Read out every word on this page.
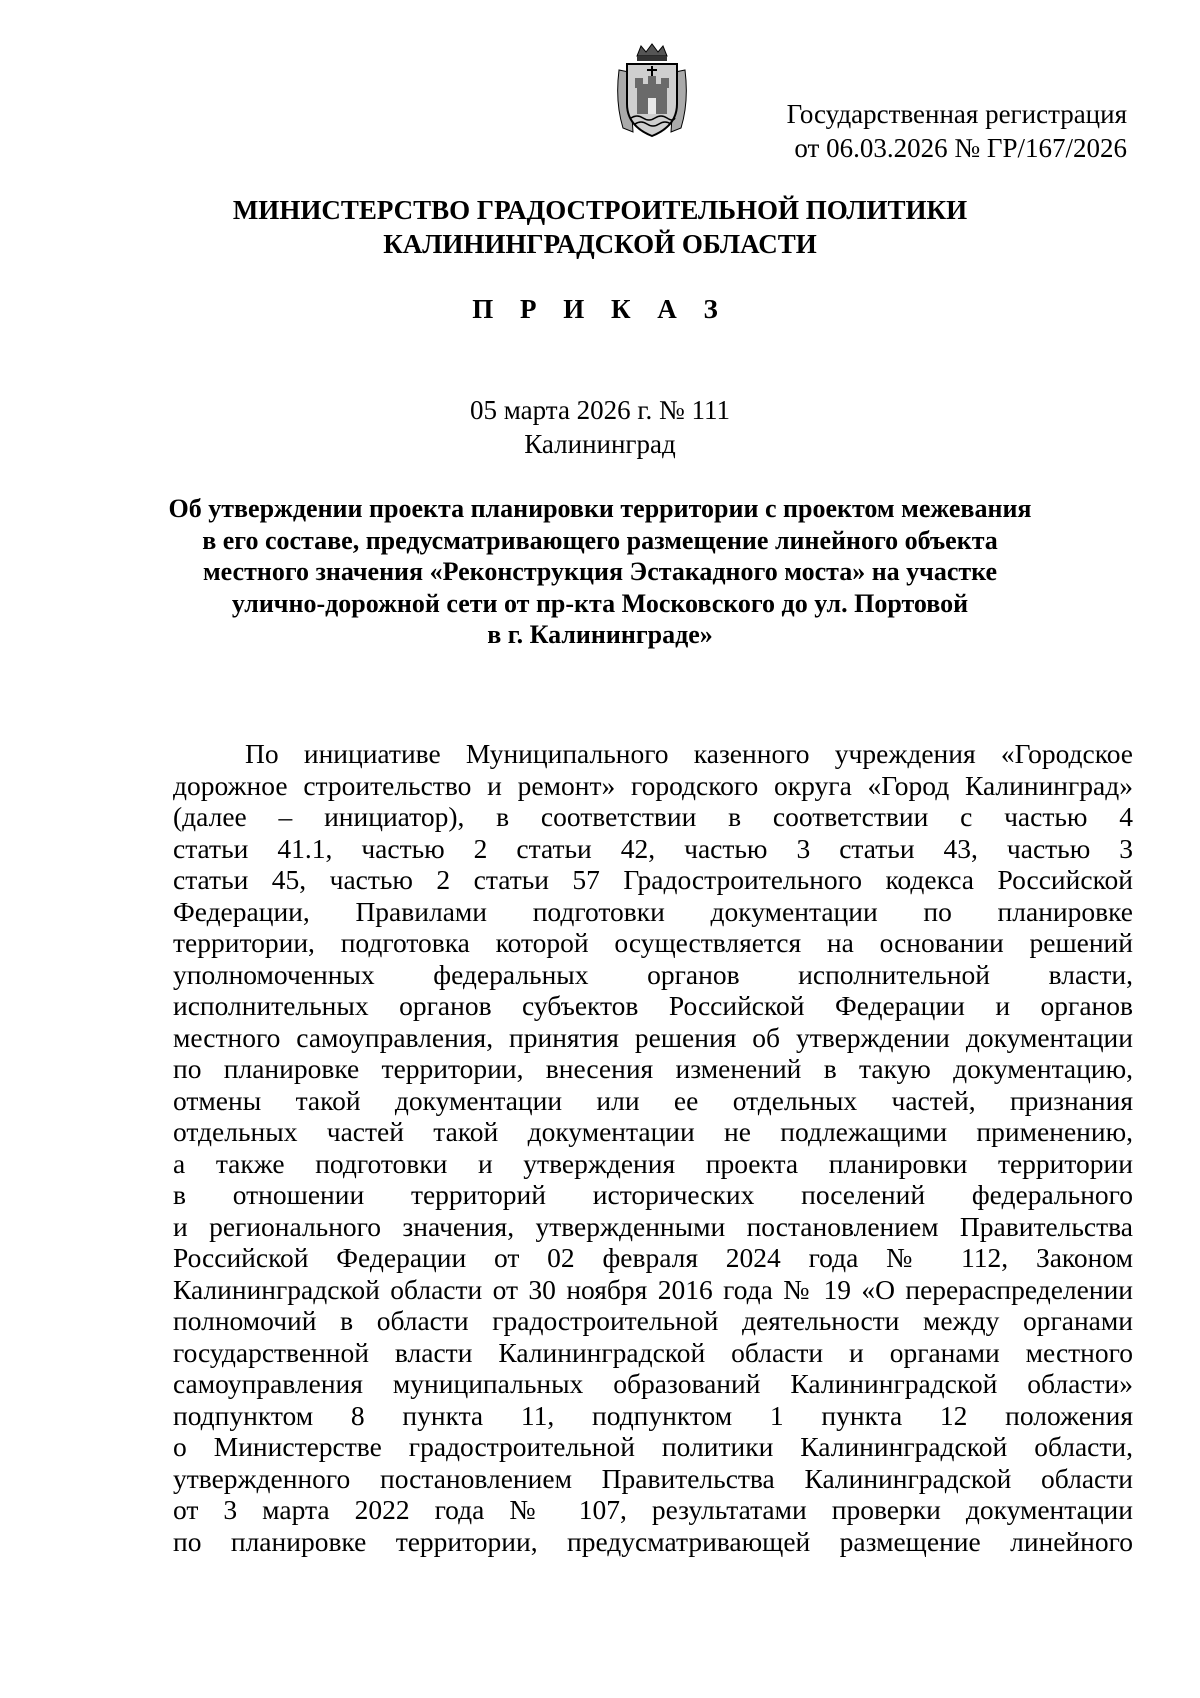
Государственная регистрация
от 06.03.2026 № ГР/167/2026
МИНИСТЕРСТВО ГРАДОСТРОИТЕЛЬНОЙ ПОЛИТИКИ
КАЛИНИНГРАДСКОЙ ОБЛАСТИ
П Р И К А З
05 марта 2026 г. № 111
Калининград
Об утверждении проекта планировки территории с проектом межевания
в его составе, предусматривающего размещение линейного объекта
местного значения «Реконструкция Эстакадного моста» на участке
улично-дорожной сети от пр-кта Московского до ул. Портовой
в г. Калининграде»
По инициативе Муниципального казенного учреждения «Городское
дорожное строительство и ремонт» городского округа «Город Калининград»
(далее – инициатор), в соответствии в соответствии с частью 4
статьи 41.1, частью 2 статьи 42, частью 3 статьи 43, частью 3
статьи 45, частью 2 статьи 57 Градостроительного кодекса Российской
Федерации, Правилами подготовки документации по планировке
территории, подготовка которой осуществляется на основании решений
уполномоченных федеральных органов исполнительной власти,
исполнительных органов субъектов Российской Федерации и органов
местного самоуправления, принятия решения об утверждении документации
по планировке территории, внесения изменений в такую документацию,
отмены такой документации или ее отдельных частей, признания
отдельных частей такой документации не подлежащими применению,
а также подготовки и утверждения проекта планировки территории
в отношении территорий исторических поселений федерального
и регионального значения, утвержденными постановлением Правительства
Российской Федерации от 02 февраля 2024 года № 112, Законом
Калининградской области от 30 ноября 2016 года № 19 «О перераспределении
полномочий в области градостроительной деятельности между органами
государственной власти Калининградской области и органами местного
самоуправления муниципальных образований Калининградской области»
подпунктом 8 пункта 11, подпунктом 1 пункта 12 положения
о Министерстве градостроительной политики Калининградской области,
утвержденного постановлением Правительства Калининградской области
от 3 марта 2022 года № 107, результатами проверки документации
по планировке территории, предусматривающей размещение линейного
